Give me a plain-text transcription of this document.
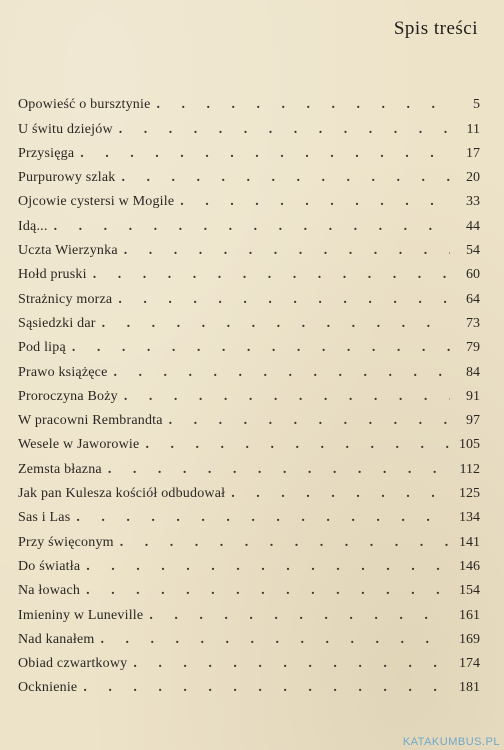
Spis treści
Opowieść o bursztynie . . .	5
U świtu dziejów . . .	11
Przysięga . . .	17
Purpurowy szlak . . .	20
Ojcowie cystersi w Mogile . . .	33
Idą... . . .	44
Uczta Wierzynka . . .	54
Hołd pruski . . .	60
Strażnicy morza . . .	64
Sąsiedzki dar . . .	73
Pod lipą . . .	79
Prawo książęce . . .	84
Proroczyna Boży . . .	91
W pracowni Rembrandta . . .	97
Wesele w Jaworowie . . .	105
Zemsta błazna . . .	112
Jak pan Kulesza kościół odbudował . . .	125
Sas i Las . . .	134
Przy święconym . . .	141
Do światła . . .	146
Na łowach . . .	154
Imieniny w Luneville . . .	161
Nad kanałem . . .	169
Obiad czwartkowy . . .	174
Ocknienie . . .	181
KATAKUMBUS.PL
